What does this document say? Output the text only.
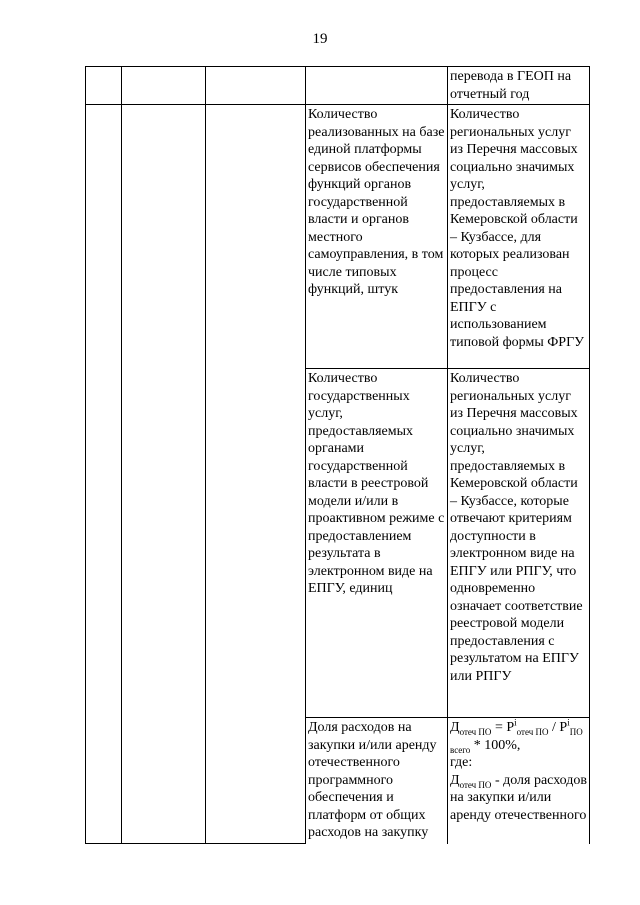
19
				перевода в ГЕОП на отчетный год
			Количество реализованных на базе единой платформы сервисов обеспечения функций органов государственной власти и органов местного самоуправления, в том числе типовых функций, штук	Количество региональных услуг из Перечня массовых социально значимых услуг, предоставляемых в Кемеровской области – Кузбассе, для которых реализован процесс предоставления на ЕПГУ с использованием типовой формы ФРГУ
			Количество государственных услуг, предоставляемых органами государственной власти в реестровой модели и/или в проактивном режиме с предоставлением результата в электронном виде на ЕПГУ, единиц	Количество региональных услуг из Перечня массовых социально значимых услуг, предоставляемых в Кемеровской области – Кузбассе, которые отвечают критериям доступности в электронном виде на ЕПГУ или РПГУ, что одновременно означает соответствие реестровой модели предоставления с результатом на ЕПГУ или РПГУ
			Доля расходов на закупки и/или аренду отечественного программного обеспечения и платформ от общих расходов на закупку	$Д_{отеч ПО} = Р^i_{отеч ПО} / Р^i_{ПО всего} * 100\%$,

где:

$Д_{отеч ПО}$ - доля расходов на закупки и/или аренду отечественного
